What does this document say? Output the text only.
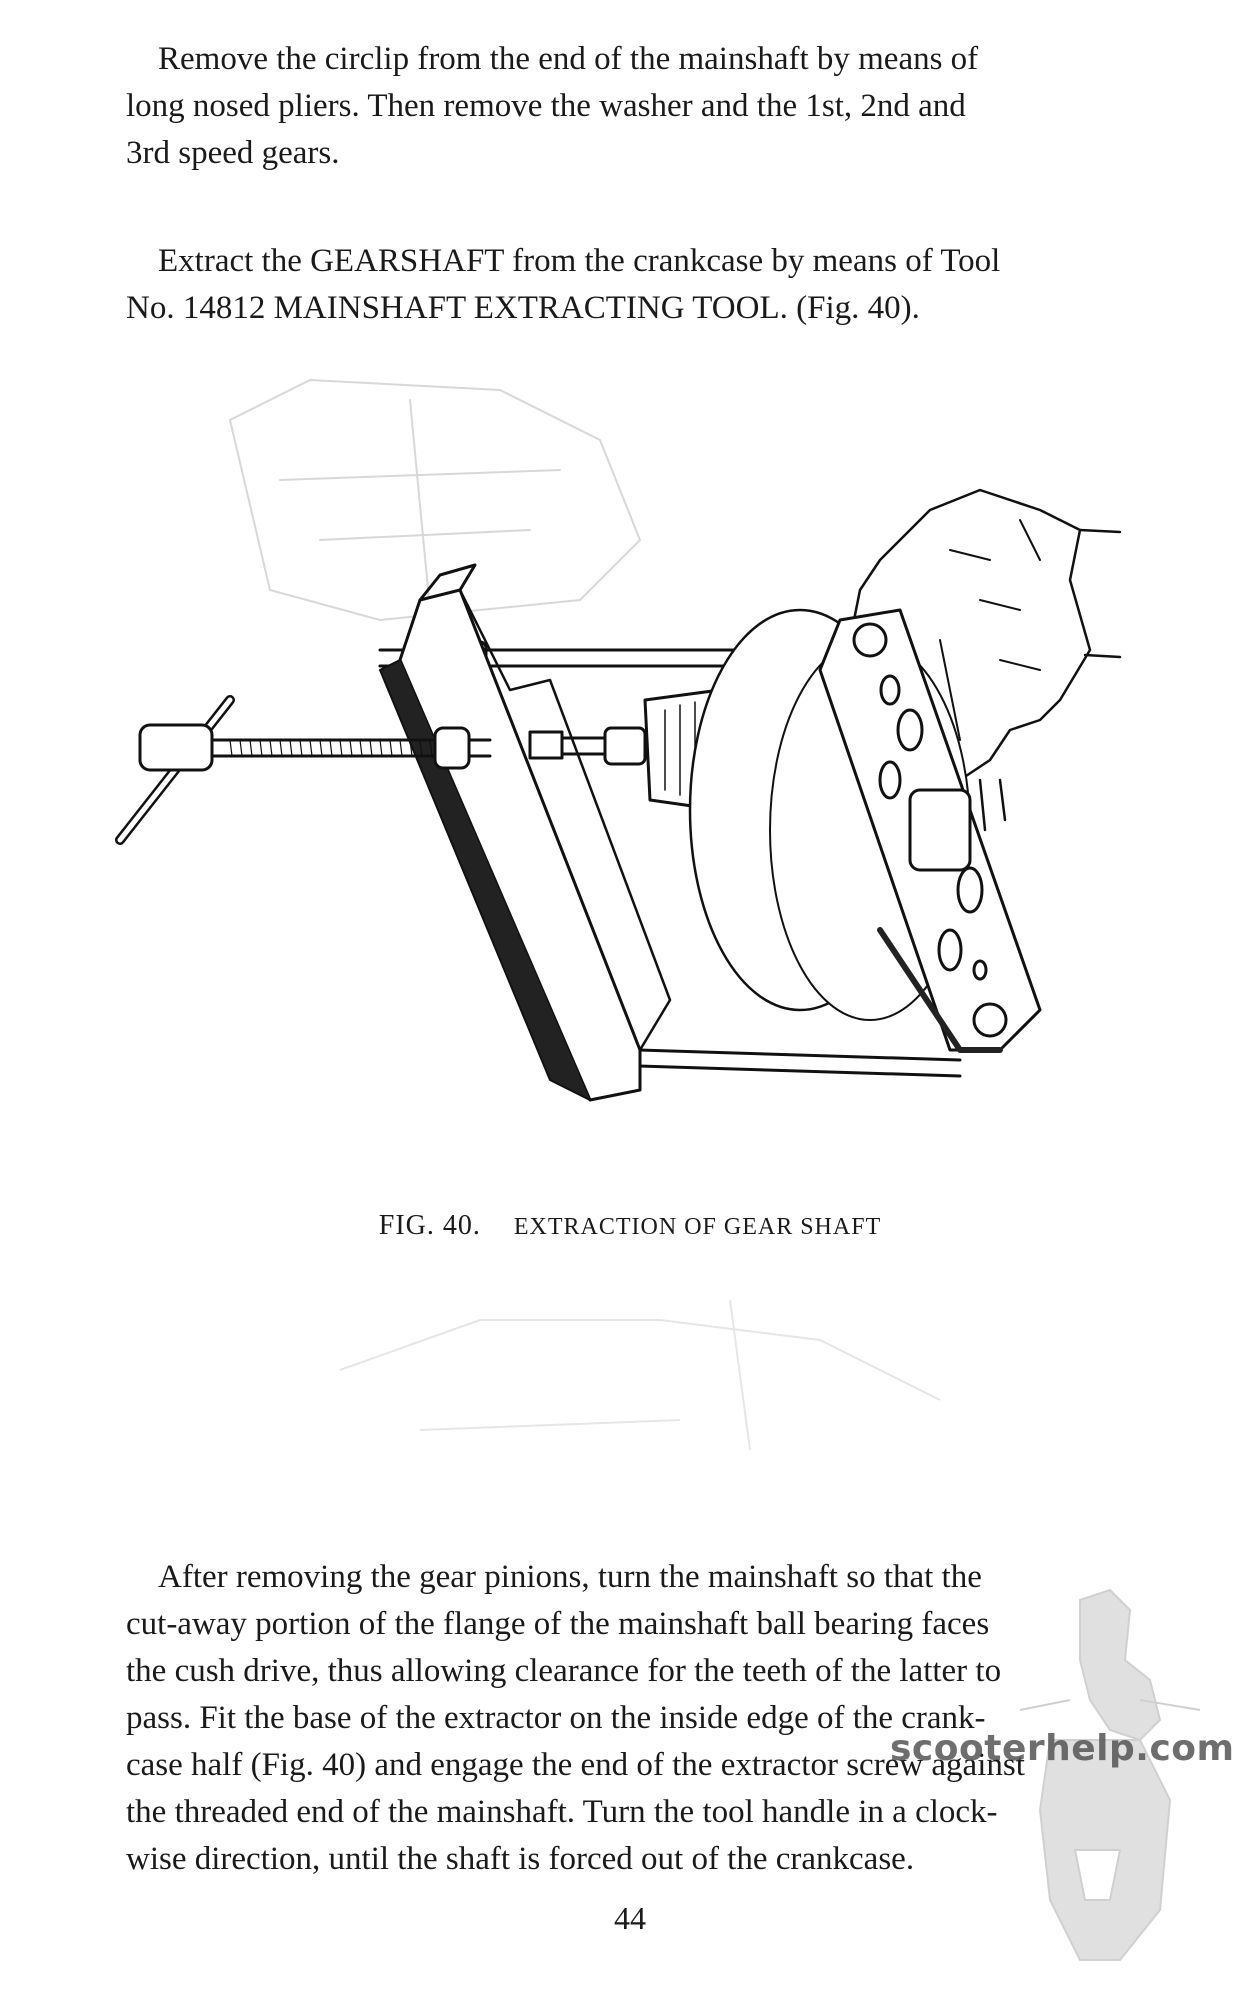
Remove the circlip from the end of the mainshaft by means of
long nosed pliers. Then remove the washer and the 1st, 2nd and
3rd speed gears.
Extract the GEARSHAFT from the crankcase by means of Tool
No. 14812 MAINSHAFT EXTRACTING TOOL. (Fig. 40).
FIG. 40. EXTRACTION OF GEAR SHAFT
After removing the gear pinions, turn the mainshaft so that the
cut-away portion of the flange of the mainshaft ball bearing faces
the cush drive, thus allowing clearance for the teeth of the latter to
pass. Fit the base of the extractor on the inside edge of the crank-
case half (Fig. 40) and engage the end of the extractor screw against
the threaded end of the mainshaft. Turn the tool handle in a clock-
wise direction, until the shaft is forced out of the crankcase.
44
scooterhelp.com
